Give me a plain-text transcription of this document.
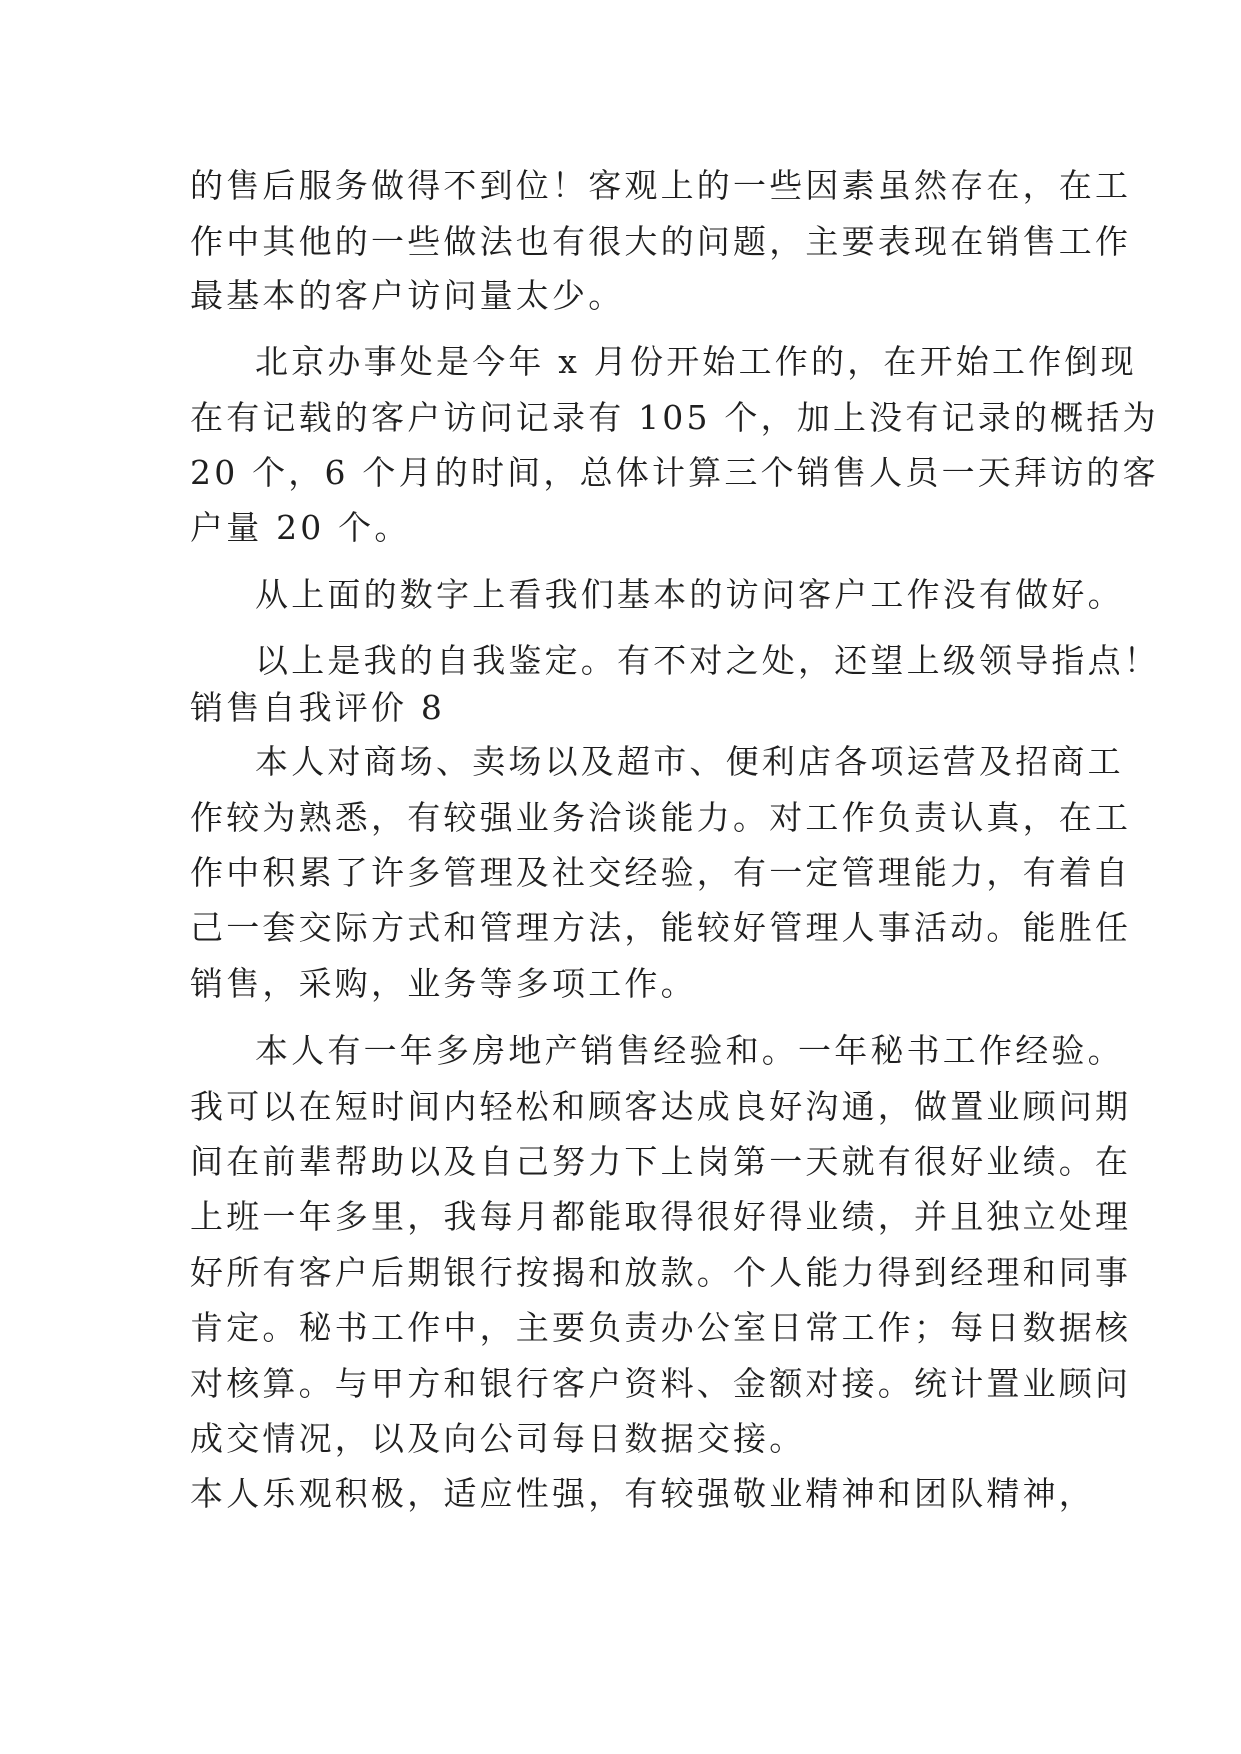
的售后服务做得不到位！客观上的一些因素虽然存在，在工
作中其他的一些做法也有很大的问题，主要表现在销售工作
最基本的客户访问量太少。
北京办事处是今年 x 月份开始工作的，在开始工作倒现
在有记载的客户访问记录有 105 个，加上没有记录的概括为
20 个，6 个月的时间，总体计算三个销售人员一天拜访的客
户量 20 个。
从上面的数字上看我们基本的访问客户工作没有做好。
以上是我的自我鉴定。有不对之处，还望上级领导指点！
销售自我评价 8
本人对商场、卖场以及超市、便利店各项运营及招商工
作较为熟悉，有较强业务洽谈能力。对工作负责认真，在工
作中积累了许多管理及社交经验，有一定管理能力，有着自
己一套交际方式和管理方法，能较好管理人事活动。能胜任
销售，采购，业务等多项工作。
本人有一年多房地产销售经验和。一年秘书工作经验。
我可以在短时间内轻松和顾客达成良好沟通，做置业顾问期
间在前辈帮助以及自己努力下上岗第一天就有很好业绩。在
上班一年多里，我每月都能取得很好得业绩，并且独立处理
好所有客户后期银行按揭和放款。个人能力得到经理和同事
肯定。秘书工作中，主要负责办公室日常工作；每日数据核
对核算。与甲方和银行客户资料、金额对接。统计置业顾问
成交情况，以及向公司每日数据交接。
本人乐观积极，适应性强，有较强敬业精神和团队精神，
